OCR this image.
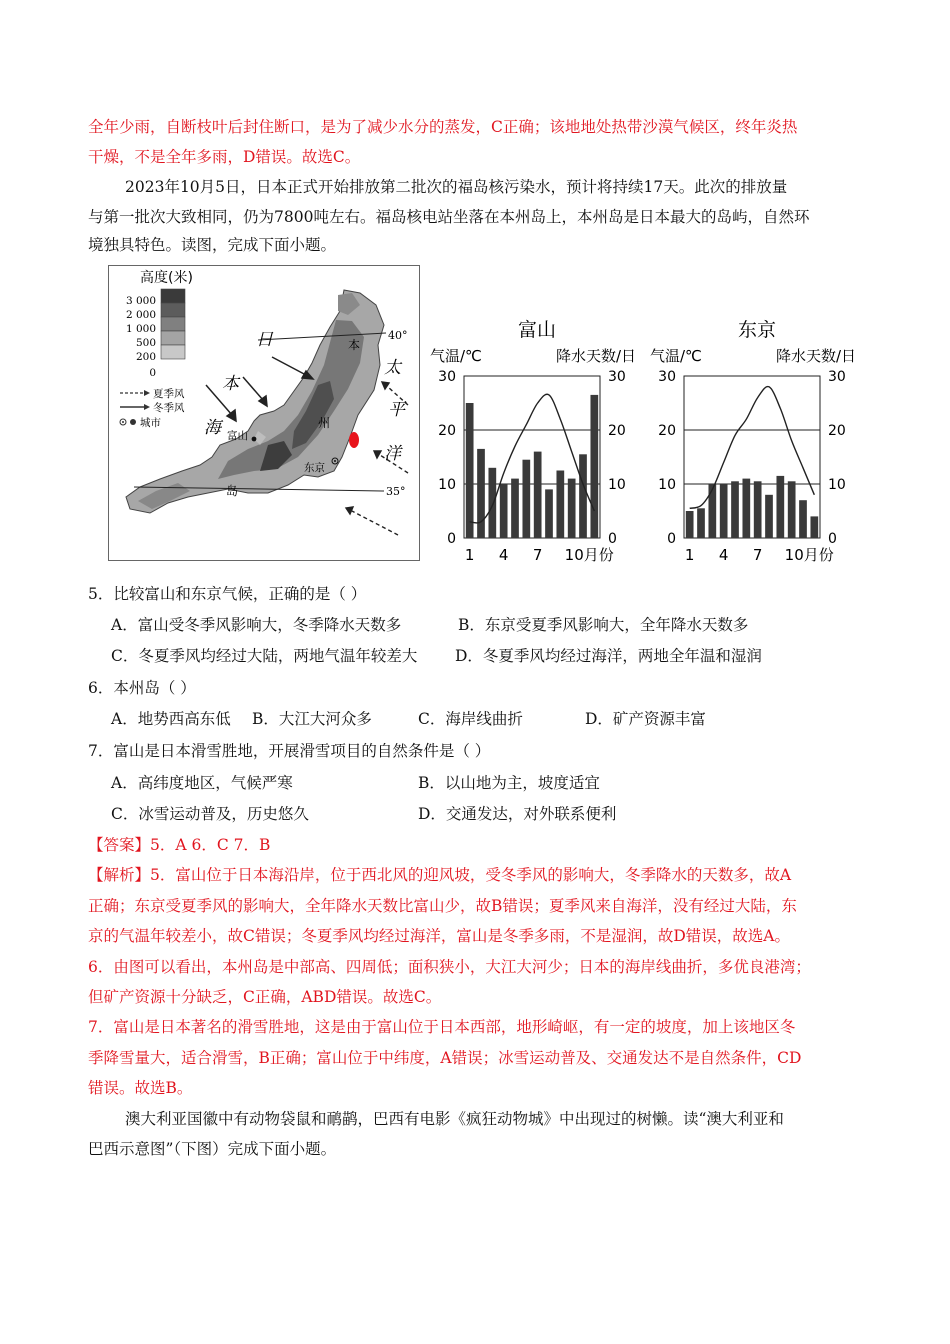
全年少雨，自断枝叶后封住断口，是为了减少水分的蒸发，C正确；该地地处热带沙漠气候区，终年炎热
干燥，不是全年多雨，D错误。故选C。
2023年10月5日，日本正式开始排放第二批次的福岛核污染水，预计将持续17天。此次的排放量
与第一批次大致相同，仍为7800吨左右。福岛核电站坐落在本州岛上，本州岛是日本最大的岛屿，自然环
境独具特色。读图，完成下面小题。
高度(米)
3 000
2 000
1 000
500
200
0
夏季风
冬季风
城市
40°
35°
日
本
海
太
平
洋
本
州
岛
富山
东京
富山
气温/℃	降水天数/日
0	0
10	10
20	20
30	30
1 4 7 10月份
东京
气温/℃	降水天数/日
0	0
10	10
20	20
30	30
1 4 7 10月份
5．比较富山和东京气候，正确的是（ ）
A．富山受冬季风影响大，冬季降水天数多	B．东京受夏季风影响大，全年降水天数多
C．冬夏季风均经过大陆，两地气温年较差大 D．冬夏季风均经过海洋，两地全年温和湿润
6．本州岛（ ）
A．地势西高东低 B．大江大河众多	C．海岸线曲折	D．矿产资源丰富
7．富山是日本滑雪胜地，开展滑雪项目的自然条件是（ ）
A．高纬度地区，气候严寒	B．以山地为主，坡度适宜
C．冰雪运动普及，历史悠久	D．交通发达，对外联系便利
【答案】5．A 6．C 7．B
【解析】5．富山位于日本海沿岸，位于西北风的迎风坡，受冬季风的影响大，冬季降水的天数多，故A
正确；东京受夏季风的影响大，全年降水天数比富山少，故B错误；夏季风来自海洋，没有经过大陆，东
京的气温年较差小，故C错误；冬夏季风均经过海洋，富山是冬季多雨，不是湿润，故D错误，故选A。
6．由图可以看出，本州岛是中部高、四周低；面积狭小，大江大河少；日本的海岸线曲折，多优良港湾；
但矿产资源十分缺乏，C正确，ABD错误。故选C。
7．富山是日本著名的滑雪胜地，这是由于富山位于日本西部，地形崎岖，有一定的坡度，加上该地区冬
季降雪量大，适合滑雪，B正确；富山位于中纬度，A错误；冰雪运动普及、交通发达不是自然条件，CD
错误。故选B。
澳大利亚国徽中有动物袋鼠和鸸鹋，巴西有电影《疯狂动物城》中出现过的树懒。读“澳大利亚和
巴西示意图”（下图）完成下面小题。
